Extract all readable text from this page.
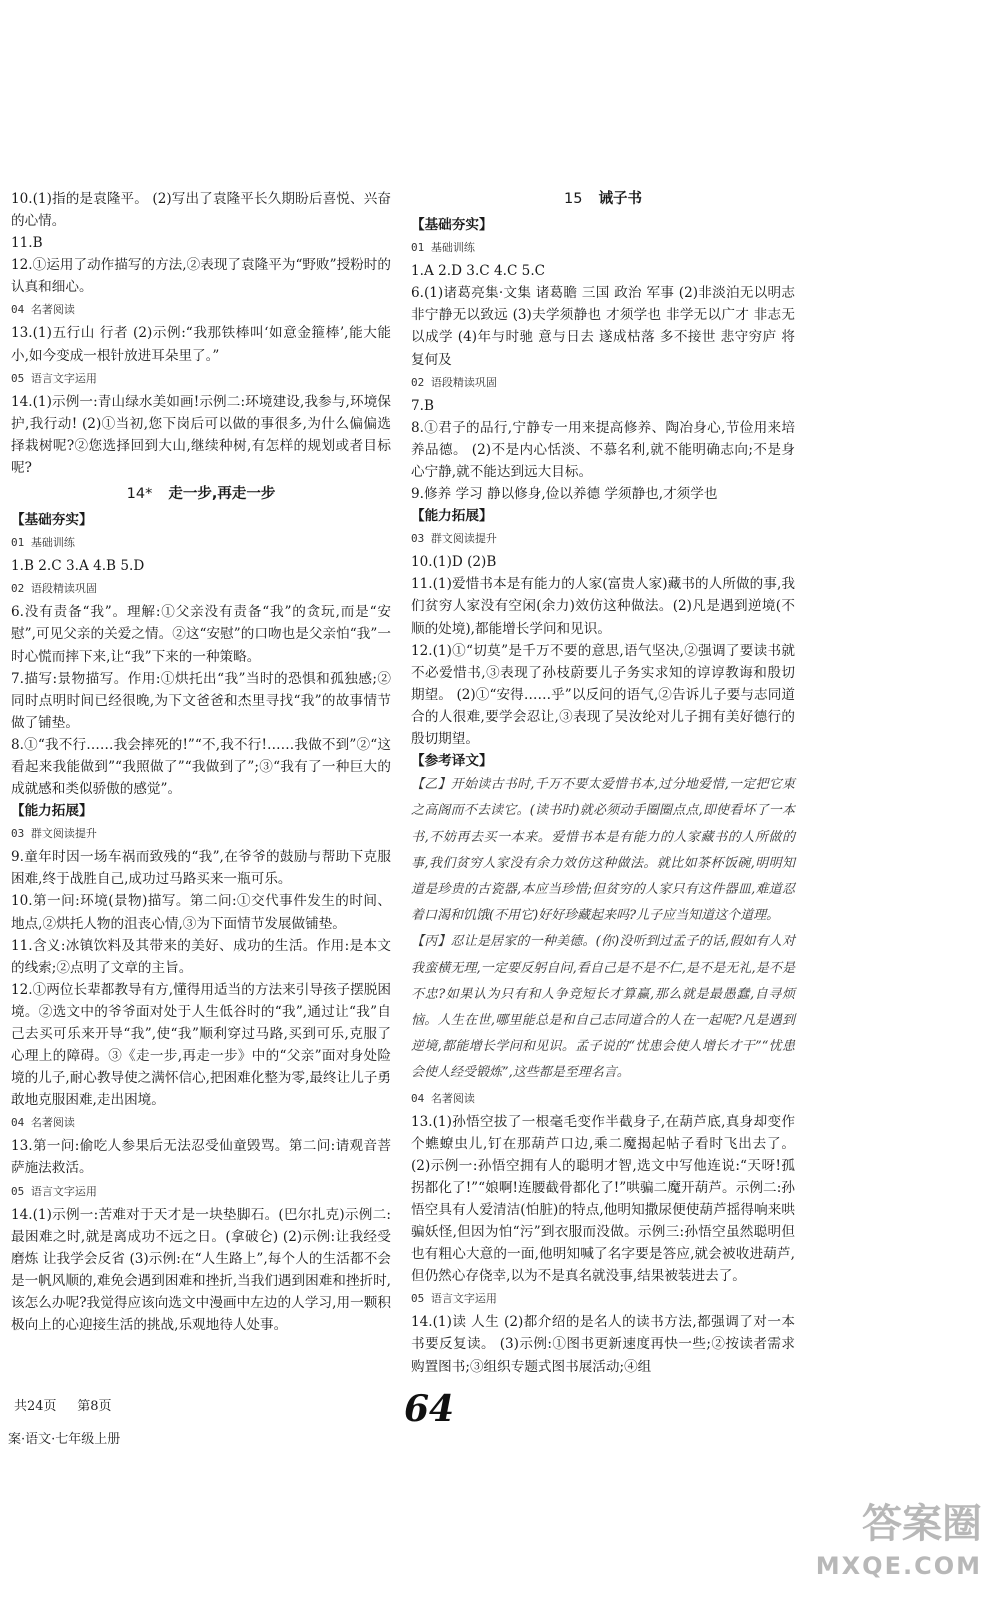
10.(1)指的是袁隆平。 (2)写出了袁隆平长久期盼后喜悦、兴奋的心情。

11.B

12.①运用了动作描写的方法,②表现了袁隆平为“野败”授粉时的认真和细心。

04 名著阅读

13.(1)五行山 行者 (2)示例:“我那铁棒叫‘如意金箍棒’,能大能小,如今变成一根针放进耳朵里了。”

05 语言文字运用

14.(1)示例一:青山绿水美如画!示例二:环境建设,我参与,环境保护,我行动! (2)①当初,您下岗后可以做的事很多,为什么偏偏选择栽树呢?②您选择回到大山,继续种树,有怎样的规划或者目标呢?

14* 走一步,再走一步

【基础夯实】

01 基础训练

1.B 2.C 3.A 4.B 5.D

02 语段精读巩固

6.没有责备“我”。理解:①父亲没有责备“我”的贪玩,而是“安慰”,可见父亲的关爱之情。②这“安慰”的口吻也是父亲怕“我”一时心慌而摔下来,让“我”下来的一种策略。

7.描写:景物描写。作用:①烘托出“我”当时的恐惧和孤独感;②同时点明时间已经很晚,为下文爸爸和杰里寻找“我”的故事情节做了铺垫。

8.①“我不行……我会摔死的!”“不,我不行!……我做不到”②“这看起来我能做到”“我照做了”“我做到了”;③“我有了一种巨大的成就感和类似骄傲的感觉”。

【能力拓展】

03 群文阅读提升

9.童年时因一场车祸而致残的“我”,在爷爷的鼓励与帮助下克服困难,终于战胜自己,成功过马路买来一瓶可乐。

10.第一问:环境(景物)描写。第二问:①交代事件发生的时间、地点,②烘托人物的沮丧心情,③为下面情节发展做铺垫。

11.含义:冰镇饮料及其带来的美好、成功的生活。作用:是本文的线索;②点明了文章的主旨。

12.①两位长辈都教导有方,懂得用适当的方法来引导孩子摆脱困境。②选文中的爷爷面对处于人生低谷时的“我”,通过让“我”自己去买可乐来开导“我”,使“我”顺利穿过马路,买到可乐,克服了心理上的障碍。③《走一步,再走一步》中的“父亲”面对身处险境的儿子,耐心教导使之满怀信心,把困难化整为零,最终让儿子勇敢地克服困难,走出困境。

04 名著阅读

13.第一问:偷吃人参果后无法忍受仙童毁骂。第二问:请观音菩萨施法救活。

05 语言文字运用

14.(1)示例一:苦难对于天才是一块垫脚石。(巴尔扎克)示例二:最困难之时,就是离成功不远之日。(拿破仑) (2)示例:让我经受磨炼 让我学会反省 (3)示例:在“人生路上”,每个人的生活都不会是一帆风顺的,难免会遇到困难和挫折,当我们遇到困难和挫折时,该怎么办呢?我觉得应该向选文中漫画中左边的人学习,用一颗积极向上的心迎接生活的挑战,乐观地待人处事。

15 诫子书

【基础夯实】

01 基础训练

1.A 2.D 3.C 4.C 5.C

6.(1)诸葛亮集·文集 诸葛瞻 三国 政治 军事 (2)非淡泊无以明志 非宁静无以致远 (3)夫学须静也 才须学也 非学无以广才 非志无以成学 (4)年与时驰 意与日去 遂成枯落 多不接世 悲守穷庐 将复何及

02 语段精读巩固

7.B

8.①君子的品行,宁静专一用来提高修养、陶冶身心,节俭用来培养品德。 (2)不是内心恬淡、不慕名利,就不能明确志向;不是身心宁静,就不能达到远大目标。

9.修养 学习 静以修身,俭以养德 学须静也,才须学也

【能力拓展】

03 群文阅读提升

10.(1)D (2)B

11.(1)爱惜书本是有能力的人家(富贵人家)藏书的人所做的事,我们贫穷人家没有空闲(余力)效仿这种做法。(2)凡是遇到逆境(不顺的处境),都能增长学问和见识。

12.(1)①“切莫”是千万不要的意思,语气坚决,②强调了要读书就不必爱惜书,③表现了孙枝蔚要儿子务实求知的谆谆教诲和殷切期望。 (2)①“安得……乎”以反问的语气,②告诉儿子要与志同道合的人很难,要学会忍让,③表现了吴汝纶对儿子拥有美好德行的殷切期望。

【参考译文】

【乙】开始读古书时,千万不要太爱惜书本,过分地爱惜,一定把它束之高阁而不去读它。(读书时)就必须动手圈圈点点,即使看坏了一本书,不妨再去买一本来。爱惜书本是有能力的人家藏书的人所做的事,我们贫穷人家没有余力效仿这种做法。就比如茶杯饭碗,明明知道是珍贵的古瓷器,本应当珍惜;但贫穷的人家只有这件器皿,难道忍着口渴和饥饿(不用它)好好珍藏起来吗?儿子应当知道这个道理。

【丙】忍让是居家的一种美德。(你)没听到过孟子的话,假如有人对我蛮横无理,一定要反躬自问,看自己是不是不仁,是不是无礼,是不是不忠?如果认为只有和人争竞短长才算赢,那么就是最愚蠢,自寻烦恼。人生在世,哪里能总是和自己志同道合的人在一起呢?凡是遇到逆境,都能增长学问和见识。孟子说的“忧患会使人增长才干”“忧患会使人经受锻炼”,这些都是至理名言。

04 名著阅读

13.(1)孙悟空拔了一根毫毛变作半截身子,在葫芦底,真身却变作个蟭蟟虫儿,钉在那葫芦口边,乘二魔揭起帖子看时飞出去了。 (2)示例一:孙悟空拥有人的聪明才智,选文中写他连说:“天呀!孤拐都化了!”“娘啊!连腰截骨都化了!”哄骗二魔开葫芦。示例二:孙悟空具有人爱清洁(怕脏)的特点,他明知撒尿便使葫芦摇得响来哄骗妖怪,但因为怕“污”到衣服而没做。示例三:孙悟空虽然聪明但也有粗心大意的一面,他明知喊了名字要是答应,就会被收进葫芦,但仍然心存侥幸,以为不是真名就没事,结果被装进去了。

05 语言文字运用

14.(1)读 人生 (2)都介绍的是名人的读书方法,都强调了对一本书要反复读。 (3)示例:①图书更新速度再快一些;②按读者需求购置图书;③组织专题式图书展活动;④组

共24页 第8页
案·语文·七年级上册
64
答案圈
MXQE.COM
